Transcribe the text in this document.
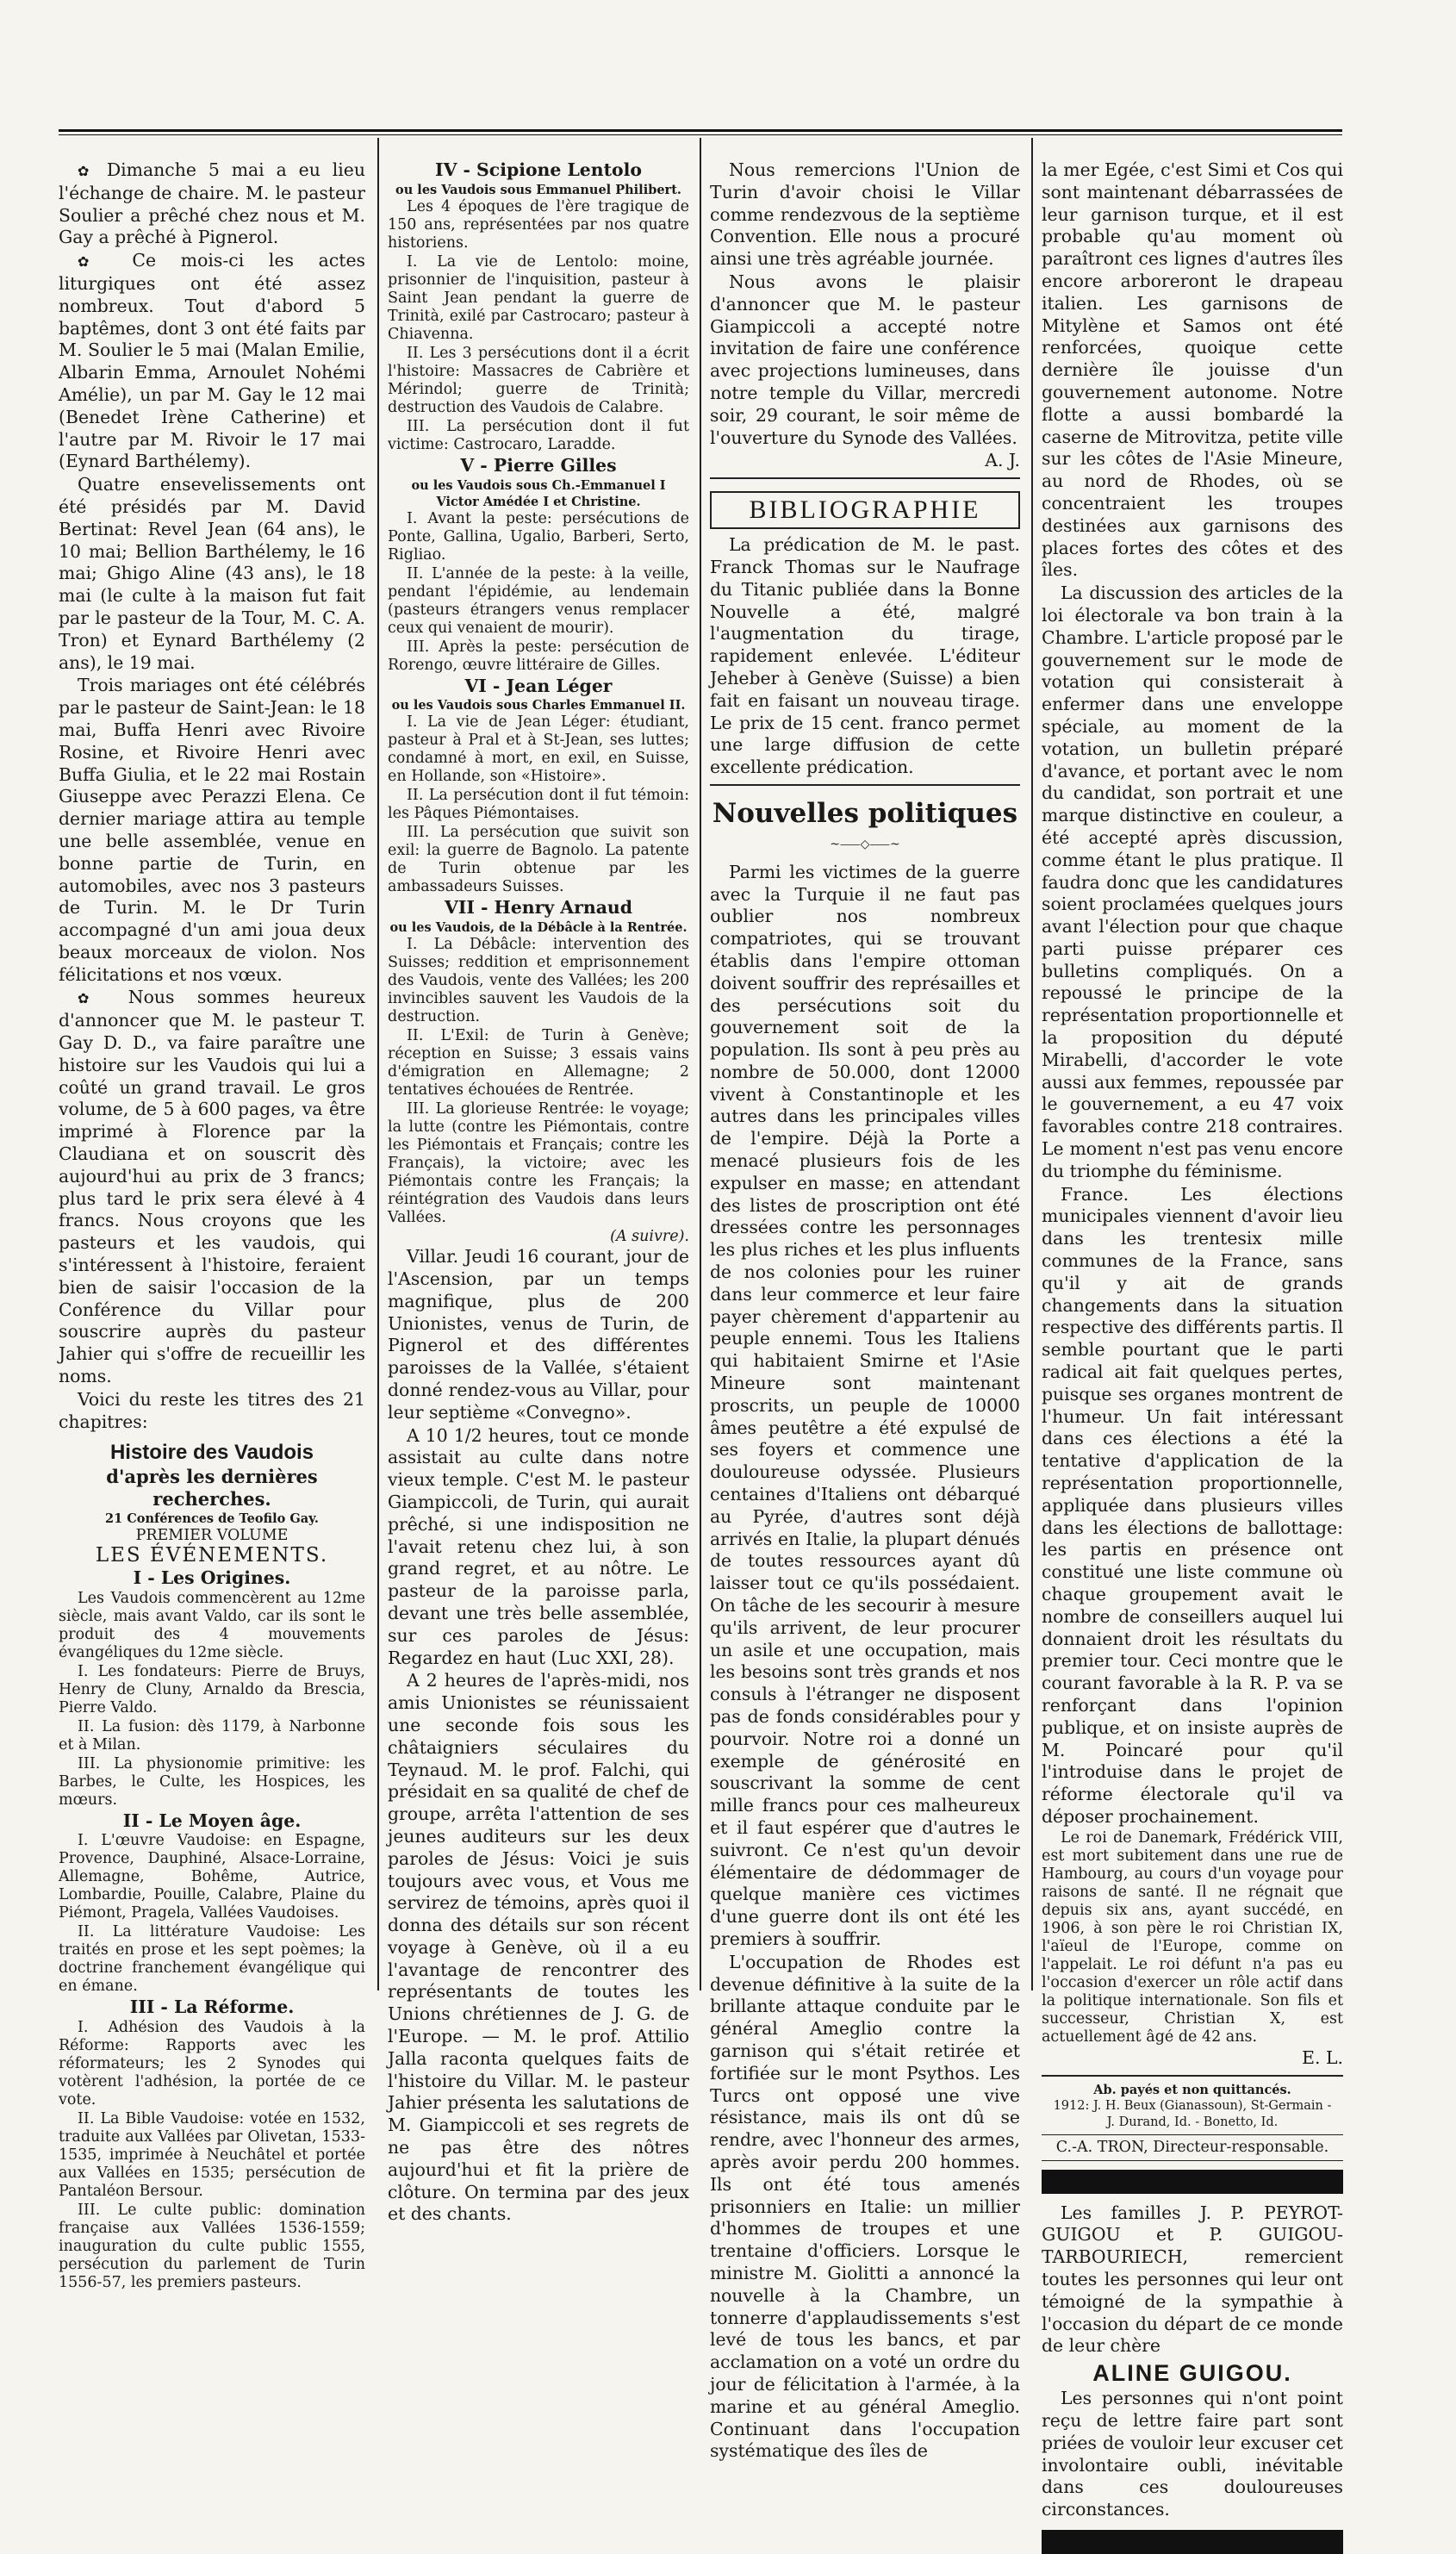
✿ Dimanche 5 mai a eu lieu l'échange de chaire. M. le pasteur Soulier a prêché chez nous et M. Gay a prêché à Pignerol.

✿ Ce mois-ci les actes liturgiques ont été assez nombreux. Tout d'abord 5 baptêmes, dont 3 ont été faits par M. Soulier le 5 mai (Malan Emilie, Albarin Emma, Arnoulet Nohémi Amélie), un par M. Gay le 12 mai (Benedet Irène Catherine) et l'autre par M. Rivoir le 17 mai (Eynard Barthélemy).

Quatre ensevelissements ont été présidés par M. David Bertinat: Revel Jean (64 ans), le 10 mai; Bellion Barthélemy, le 16 mai; Ghigo Aline (43 ans), le 18 mai (le culte à la maison fut fait par le pasteur de la Tour, M. C. A. Tron) et Eynard Barthélemy (2 ans), le 19 mai.

Trois mariages ont été célébrés par le pasteur de Saint-Jean: le 18 mai, Buffa Henri avec Rivoire Rosine, et Rivoire Henri avec Buffa Giulia, et le 22 mai Rostain Giuseppe avec Perazzi Elena. Ce dernier mariage attira au temple une belle assemblée, venue en bonne partie de Turin, en automobiles, avec nos 3 pasteurs de Turin. M. le Dr Turin accompagné d'un ami joua deux beaux morceaux de violon. Nos félicitations et nos vœux.

✿ Nous sommes heureux d'annoncer que M. le pasteur T. Gay D. D., va faire paraître une histoire sur les Vaudois qui lui a coûté un grand travail. Le gros volume, de 5 à 600 pages, va être imprimé à Florence par la Claudiana et on souscrit dès aujourd'hui au prix de 3 francs; plus tard le prix sera élevé à 4 francs. Nous croyons que les pasteurs et les vaudois, qui s'intéressent à l'histoire, feraient bien de saisir l'occasion de la Conférence du Villar pour souscrire auprès du pasteur Jahier qui s'offre de recueillir les noms.

Voici du reste les titres des 21 chapitres:

Histoire des Vaudois
d'après les dernières recherches.
21 Conférences de Teofilo Gay.
PREMIER VOLUME
LES ÉVÉNEMENTS.
I - Les Origines.

Les Vaudois commencèrent au 12me siècle, mais avant Valdo, car ils sont le produit des 4 mouvements évangéliques du 12me siècle.

I. Les fondateurs: Pierre de Bruys, Henry de Cluny, Arnaldo da Brescia, Pierre Valdo.

II. La fusion: dès 1179, à Narbonne et à Milan.

III. La physionomie primitive: les Barbes, le Culte, les Hospices, les mœurs.

II - Le Moyen âge.

I. L'œuvre Vaudoise: en Espagne, Provence, Dauphiné, Alsace-Lorraine, Allemagne, Bohême, Autrice, Lombardie, Pouille, Calabre, Plaine du Piémont, Pragela, Vallées Vaudoises.

II. La littérature Vaudoise: Les traités en prose et les sept poèmes; la doctrine franchement évangélique qui en émane.

III - La Réforme.

I. Adhésion des Vaudois à la Réforme: Rapports avec les réformateurs; les 2 Synodes qui votèrent l'adhésion, la portée de ce vote.

II. La Bible Vaudoise: votée en 1532, traduite aux Vallées par Olivetan, 1533-1535, imprimée à Neuchâtel et portée aux Vallées en 1535; persécution de Pantaléon Bersour.

III. Le culte public: domination française aux Vallées 1536-1559; inauguration du culte public 1555, persécution du parlement de Turin 1556-57, les premiers pasteurs.

IV - Scipione Lentolo
ou les Vaudois sous Emmanuel Philibert.

Les 4 époques de l'ère tragique de 150 ans, représentées par nos quatre historiens.

I. La vie de Lentolo: moine, prisonnier de l'inquisition, pasteur à Saint Jean pendant la guerre de Trinità, exilé par Castrocaro; pasteur à Chiavenna.

II. Les 3 persécutions dont il a écrit l'histoire: Massacres de Cabrière et Mérindol; guerre de Trinità; destruction des Vaudois de Calabre.

III. La persécution dont il fut victime: Castrocaro, Laradde.

V - Pierre Gilles
ou les Vaudois sous Ch.-Emmanuel I
Victor Amédée I et Christine.

I. Avant la peste: persécutions de Ponte, Gallina, Ugalio, Barberi, Serto, Rigliao.

II. L'année de la peste: à la veille, pendant l'épidémie, au lendemain (pasteurs étrangers venus remplacer ceux qui venaient de mourir).

III. Après la peste: persécution de Rorengo, œuvre littéraire de Gilles.

VI - Jean Léger
ou les Vaudois sous Charles Emmanuel II.

I. La vie de Jean Léger: étudiant, pasteur à Pral et à St-Jean, ses luttes; condamné à mort, en exil, en Suisse, en Hollande, son «Histoire».

II. La persécution dont il fut témoin: les Pâques Piémontaises.

III. La persécution que suivit son exil: la guerre de Bagnolo. La patente de Turin obtenue par les ambassadeurs Suisses.

VII - Henry Arnaud
ou les Vaudois, de la Débâcle à la Rentrée.

I. La Débâcle: intervention des Suisses; reddition et emprisonnement des Vaudois, vente des Vallées; les 200 invincibles sauvent les Vaudois de la destruction.

II. L'Exil: de Turin à Genève; réception en Suisse; 3 essais vains d'émigration en Allemagne; 2 tentatives échouées de Rentrée.

III. La glorieuse Rentrée: le voyage; la lutte (contre les Piémontais, contre les Piémontais et Français; contre les Français), la victoire; avec les Piémontais contre les Français; la réintégration des Vaudois dans leurs Vallées.

(A suivre).

Villar. Jeudi 16 courant, jour de l'Ascension, par un temps magnifique, plus de 200 Unionistes, venus de Turin, de Pignerol et des différentes paroisses de la Vallée, s'étaient donné rendez-vous au Villar, pour leur septième «Convegno».

A 10 1/2 heures, tout ce monde assistait au culte dans notre vieux temple. C'est M. le pasteur Giampiccoli, de Turin, qui aurait prêché, si une indisposition ne l'avait retenu chez lui, à son grand regret, et au nôtre. Le pasteur de la paroisse parla, devant une très belle assemblée, sur ces paroles de Jésus: Regardez en haut (Luc XXI, 28).

A 2 heures de l'après-midi, nos amis Unionistes se réunissaient une seconde fois sous les châtaigniers séculaires du Teynaud. M. le prof. Falchi, qui présidait en sa qualité de chef de groupe, arrêta l'attention de ses jeunes auditeurs sur les deux paroles de Jésus: Voici je suis toujours avec vous, et Vous me servirez de témoins, après quoi il donna des détails sur son récent voyage à Genève, où il a eu l'avantage de rencontrer des représentants de toutes les Unions chrétiennes de J. G. de l'Europe. — M. le prof. Attilio Jalla raconta quelques faits de l'histoire du Villar. M. le pasteur Jahier présenta les salutations de M. Giampiccoli et ses regrets de ne pas être des nôtres aujourd'hui et fit la prière de clôture. On termina par des jeux et des chants.

Nous remercions l'Union de Turin d'avoir choisi le Villar comme rendezvous de la septième Convention. Elle nous a procuré ainsi une très agréable journée.

Nous avons le plaisir d'annoncer que M. le pasteur Giampiccoli a accepté notre invitation de faire une conférence avec projections lumineuses, dans notre temple du Villar, mercredi soir, 29 courant, le soir même de l'ouverture du Synode des Vallées.

A. J.
BIBLIOGRAPHIE

La prédication de M. le past. Franck Thomas sur le Naufrage du Titanic publiée dans la Bonne Nouvelle a été, malgré l'augmentation du tirage, rapidement enlevée. L'éditeur Jeheber à Genève (Suisse) a bien fait en faisant un nouveau tirage. Le prix de 15 cent. franco permet une large diffusion de cette excellente prédication.

Nouvelles politiques
~⸺◇⸺~

Parmi les victimes de la guerre avec la Turquie il ne faut pas oublier nos nombreux compatriotes, qui se trouvant établis dans l'empire ottoman doivent souffrir des représailles et des persécutions soit du gouvernement soit de la population. Ils sont à peu près au nombre de 50.000, dont 12000 vivent à Constantinople et les autres dans les principales villes de l'empire. Déjà la Porte a menacé plusieurs fois de les expulser en masse; en attendant des listes de proscription ont été dressées contre les personnages les plus riches et les plus influents de nos colonies pour les ruiner dans leur commerce et leur faire payer chèrement d'appartenir au peuple ennemi. Tous les Italiens qui habitaient Smirne et l'Asie Mineure sont maintenant proscrits, un peuple de 10000 âmes peutêtre a été expulsé de ses foyers et commence une douloureuse odyssée. Plusieurs centaines d'Italiens ont débarqué au Pyrée, d'autres sont déjà arrivés en Italie, la plupart dénués de toutes ressources ayant dû laisser tout ce qu'ils possédaient. On tâche de les secourir à mesure qu'ils arrivent, de leur procurer un asile et une occupation, mais les besoins sont très grands et nos consuls à l'étranger ne disposent pas de fonds considérables pour y pourvoir. Notre roi a donné un exemple de générosité en souscrivant la somme de cent mille francs pour ces malheureux et il faut espérer que d'autres le suivront. Ce n'est qu'un devoir élémentaire de dédommager de quelque manière ces victimes d'une guerre dont ils ont été les premiers à souffrir.

L'occupation de Rhodes est devenue définitive à la suite de la brillante attaque conduite par le général Ameglio contre la garnison qui s'était retirée et fortifiée sur le mont Psythos. Les Turcs ont opposé une vive résistance, mais ils ont dû se rendre, avec l'honneur des armes, après avoir perdu 200 hommes. Ils ont été tous amenés prisonniers en Italie: un millier d'hommes de troupes et une trentaine d'officiers. Lorsque le ministre M. Giolitti a annoncé la nouvelle à la Chambre, un tonnerre d'applaudissements s'est levé de tous les bancs, et par acclamation on a voté un ordre du jour de félicitation à l'armée, à la marine et au général Ameglio. Continuant dans l'occupation systématique des îles de

la mer Egée, c'est Simi et Cos qui sont maintenant débarrassées de leur garnison turque, et il est probable qu'au moment où paraîtront ces lignes d'autres îles encore arboreront le drapeau italien. Les garnisons de Mitylène et Samos ont été renforcées, quoique cette dernière île jouisse d'un gouvernement autonome. Notre flotte a aussi bombardé la caserne de Mitrovitza, petite ville sur les côtes de l'Asie Mineure, au nord de Rhodes, où se concentraient les troupes destinées aux garnisons des places fortes des côtes et des îles.

La discussion des articles de la loi électorale va bon train à la Chambre. L'article proposé par le gouvernement sur le mode de votation qui consisterait à enfermer dans une enveloppe spéciale, au moment de la votation, un bulletin préparé d'avance, et portant avec le nom du candidat, son portrait et une marque distinctive en couleur, a été accepté après discussion, comme étant le plus pratique. Il faudra donc que les candidatures soient proclamées quelques jours avant l'élection pour que chaque parti puisse préparer ces bulletins compliqués. On a repoussé le principe de la représentation proportionnelle et la proposition du député Mirabelli, d'accorder le vote aussi aux femmes, repoussée par le gouvernement, a eu 47 voix favorables contre 218 contraires. Le moment n'est pas venu encore du triomphe du féminisme.

France. Les élections municipales viennent d'avoir lieu dans les trentesix mille communes de la France, sans qu'il y ait de grands changements dans la situation respective des différents partis. Il semble pourtant que le parti radical ait fait quelques pertes, puisque ses organes montrent de l'humeur. Un fait intéressant dans ces élections a été la tentative d'application de la représentation proportionnelle, appliquée dans plusieurs villes dans les élections de ballottage: les partis en présence ont constitué une liste commune où chaque groupement avait le nombre de conseillers auquel lui donnaient droit les résultats du premier tour. Ceci montre que le courant favorable à la R. P. va se renforçant dans l'opinion publique, et on insiste auprès de M. Poincaré pour qu'il l'introduise dans le projet de réforme électorale qu'il va déposer prochainement.

Le roi de Danemark, Frédérick VIII, est mort subitement dans une rue de Hambourg, au cours d'un voyage pour raisons de santé. Il ne régnait que depuis six ans, ayant succédé, en 1906, à son père le roi Christian IX, l'aïeul de l'Europe, comme on l'appelait. Le roi défunt n'a pas eu l'occasion d'exercer un rôle actif dans la politique internationale. Son fils et successeur, Christian X, est actuellement âgé de 42 ans.

E. L.
Ab. payés et non quittancés.
1912: J. H. Beux (Gianassoun), St-Germain -
J. Durand, Id. - Bonetto, Id.
C.-A. TRON, Directeur-responsable.

Les familles J. P. PEYROT-GUIGOU et P. GUIGOU-TARBOURIECH, remercient toutes les personnes qui leur ont témoigné de la sympathie à l'occasion du départ de ce monde de leur chère

ALINE GUIGOU.

Les personnes qui n'ont point reçu de lettre faire part sont priées de vouloir leur excuser cet involontaire oubli, inévitable dans ces douloureuses circonstances.
